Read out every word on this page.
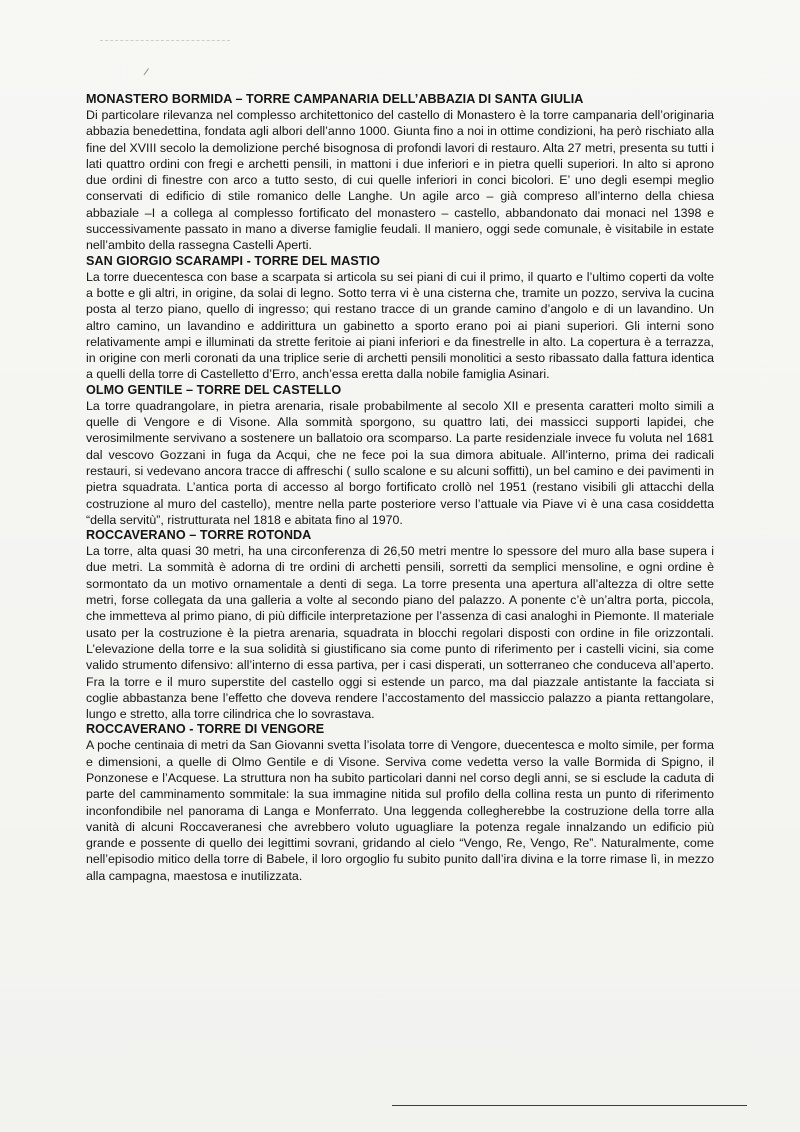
MONASTERO BORMIDA – TORRE CAMPANARIA DELL’ABBAZIA DI SANTA GIULIA

Di particolare rilevanza nel complesso architettonico del castello di Monastero è la torre campanaria dell’originaria abbazia benedettina, fondata agli albori dell’anno 1000. Giunta fino a noi in ottime condizioni, ha però rischiato alla fine del XVIII secolo la demolizione perché bisognosa di profondi lavori di restauro. Alta 27 metri, presenta su tutti i lati quattro ordini con fregi e archetti pensili, in mattoni i due inferiori e in pietra quelli superiori. In alto si aprono due ordini di finestre con arco a tutto sesto, di cui quelle inferiori in conci bicolori. E’ uno degli esempi meglio conservati di edificio di stile romanico delle Langhe. Un agile arco – già compreso all’interno della chiesa abbaziale –I a collega al complesso fortificato del monastero – castello, abbandonato dai monaci nel 1398 e successivamente passato in mano a diverse famiglie feudali. Il maniero, oggi sede comunale, è visitabile in estate nell’ambito della rassegna Castelli Aperti.

SAN GIORGIO SCARAMPI - TORRE DEL MASTIO

La torre duecentesca con base a scarpata si articola su sei piani di cui il primo, il quarto e l’ultimo coperti da volte a botte e gli altri, in origine, da solai di legno. Sotto terra vi è una cisterna che, tramite un pozzo, serviva la cucina posta al terzo piano, quello di ingresso; qui restano tracce di un grande camino d’angolo e di un lavandino. Un altro camino, un lavandino e addirittura un gabinetto a sporto erano poi ai piani superiori. Gli interni sono relativamente ampi e illuminati da strette feritoie ai piani inferiori e da finestrelle in alto. La copertura è a terrazza, in origine con merli coronati da una triplice serie di archetti pensili monolitici a sesto ribassato dalla fattura identica a quelli della torre di Castelletto d’Erro, anch’essa eretta dalla nobile famiglia Asinari.

OLMO GENTILE – TORRE DEL CASTELLO

La torre quadrangolare, in pietra arenaria, risale probabilmente al secolo XII e presenta caratteri molto simili a quelle di Vengore e di Visone. Alla sommità sporgono, su quattro lati, dei massicci supporti lapidei, che verosimilmente servivano a sostenere un ballatoio ora scomparso. La parte residenziale invece fu voluta nel 1681 dal vescovo Gozzani in fuga da Acqui, che ne fece poi la sua dimora abituale. All’interno, prima dei radicali restauri, si vedevano ancora tracce di affreschi ( sullo scalone e su alcuni soffitti), un bel camino e dei pavimenti in pietra squadrata. L’antica porta di accesso al borgo fortificato crollò nel 1951 (restano visibili gli attacchi della costruzione al muro del castello), mentre nella parte posteriore verso l’attuale via Piave vi è una casa cosiddetta “della servitù”, ristrutturata nel 1818 e abitata fino al 1970.

ROCCAVERANO – TORRE ROTONDA

La torre, alta quasi 30 metri, ha una circonferenza di 26,50 metri mentre lo spessore del muro alla base supera i due metri. La sommità è adorna di tre ordini di archetti pensili, sorretti da semplici mensoline, e ogni ordine è sormontato da un motivo ornamentale a denti di sega. La torre presenta una apertura all’altezza di oltre sette metri, forse collegata da una galleria a volte al secondo piano del palazzo. A ponente c’è un’altra porta, piccola, che immetteva al primo piano, di più difficile interpretazione per l’assenza di casi analoghi in Piemonte. Il materiale usato per la costruzione è la pietra arenaria, squadrata in blocchi regolari disposti con ordine in file orizzontali. L’elevazione della torre e la sua solidità si giustificano sia come punto di riferimento per i castelli vicini, sia come valido strumento difensivo: all’interno di essa partiva, per i casi disperati, un sotterraneo che conduceva all’aperto. Fra la torre e il muro superstite del castello oggi si estende un parco, ma dal piazzale antistante la facciata si coglie abbastanza bene l’effetto che doveva rendere l’accostamento del massiccio palazzo a pianta rettangolare, lungo e stretto, alla torre cilindrica che lo sovrastava.

ROCCAVERANO - TORRE DI VENGORE

A poche centinaia di metri da San Giovanni svetta l’isolata torre di Vengore, duecentesca e molto simile, per forma e dimensioni, a quelle di Olmo Gentile e di Visone. Serviva come vedetta verso la valle Bormida di Spigno, il Ponzonese e l’Acquese. La struttura non ha subito particolari danni nel corso degli anni, se si esclude la caduta di parte del camminamento sommitale: la sua immagine nitida sul profilo della collina resta un punto di riferimento inconfondibile nel panorama di Langa e Monferrato. Una leggenda collegherebbe la costruzione della torre alla vanità di alcuni Roccaveranesi che avrebbero voluto uguagliare la potenza regale innalzando un edificio più grande e possente di quello dei legittimi sovrani, gridando al cielo “Vengo, Re, Vengo, Re”. Naturalmente, come nell’episodio mitico della torre di Babele, il loro orgoglio fu subito punito dall’ira divina e la torre rimase lì, in mezzo alla campagna, maestosa e inutilizzata.
